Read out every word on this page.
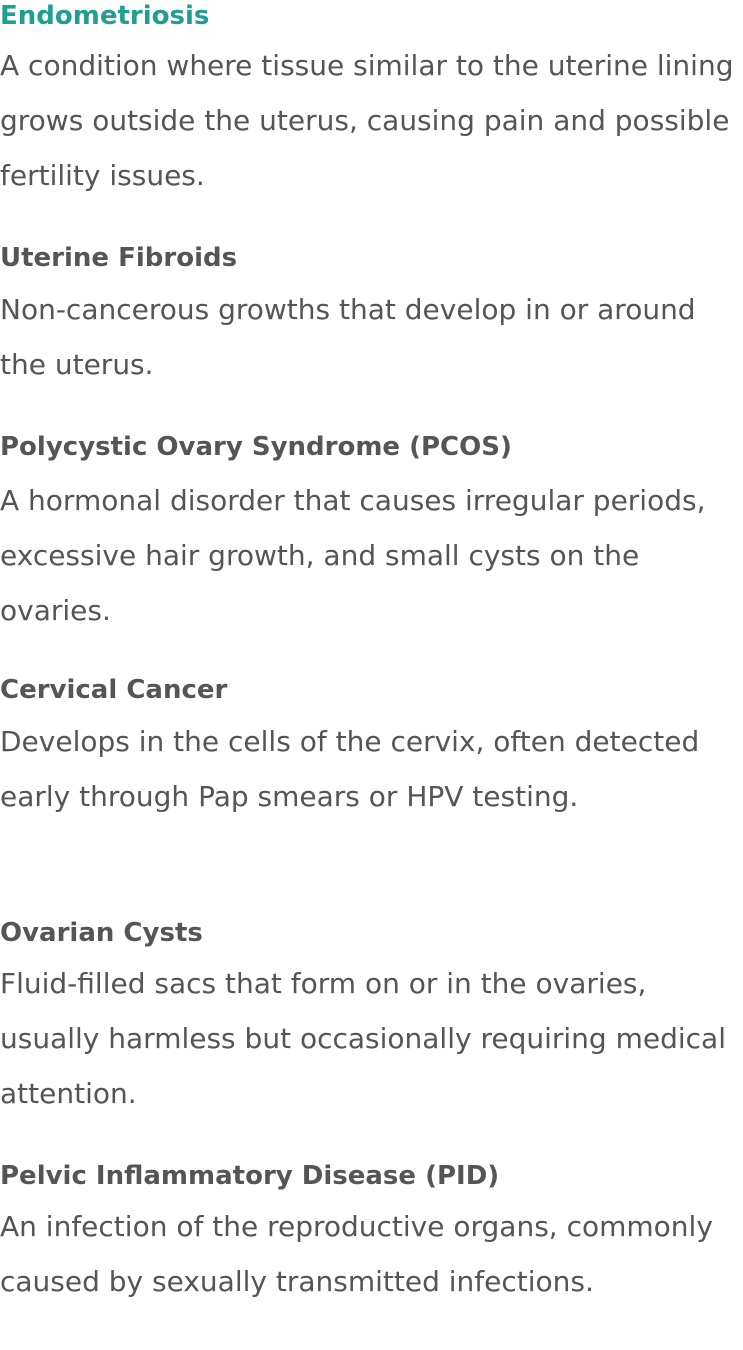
Endometriosis

A condition where tissue similar to the uterine lining grows outside the uterus, causing pain and possible fertility issues.

Uterine Fibroids

Non-cancerous growths that develop in or around the uterus.

Polycystic Ovary Syndrome (PCOS)

A hormonal disorder that causes irregular periods, excessive hair growth, and small cysts on the ovaries.

Cervical Cancer

Develops in the cells of the cervix, often detected early through Pap smears or HPV testing.

Ovarian Cysts

Fluid-filled sacs that form on or in the ovaries, usually harmless but occasionally requiring medical attention.

Pelvic Inflammatory Disease (PID)

An infection of the reproductive organs, commonly caused by sexually transmitted infections.
